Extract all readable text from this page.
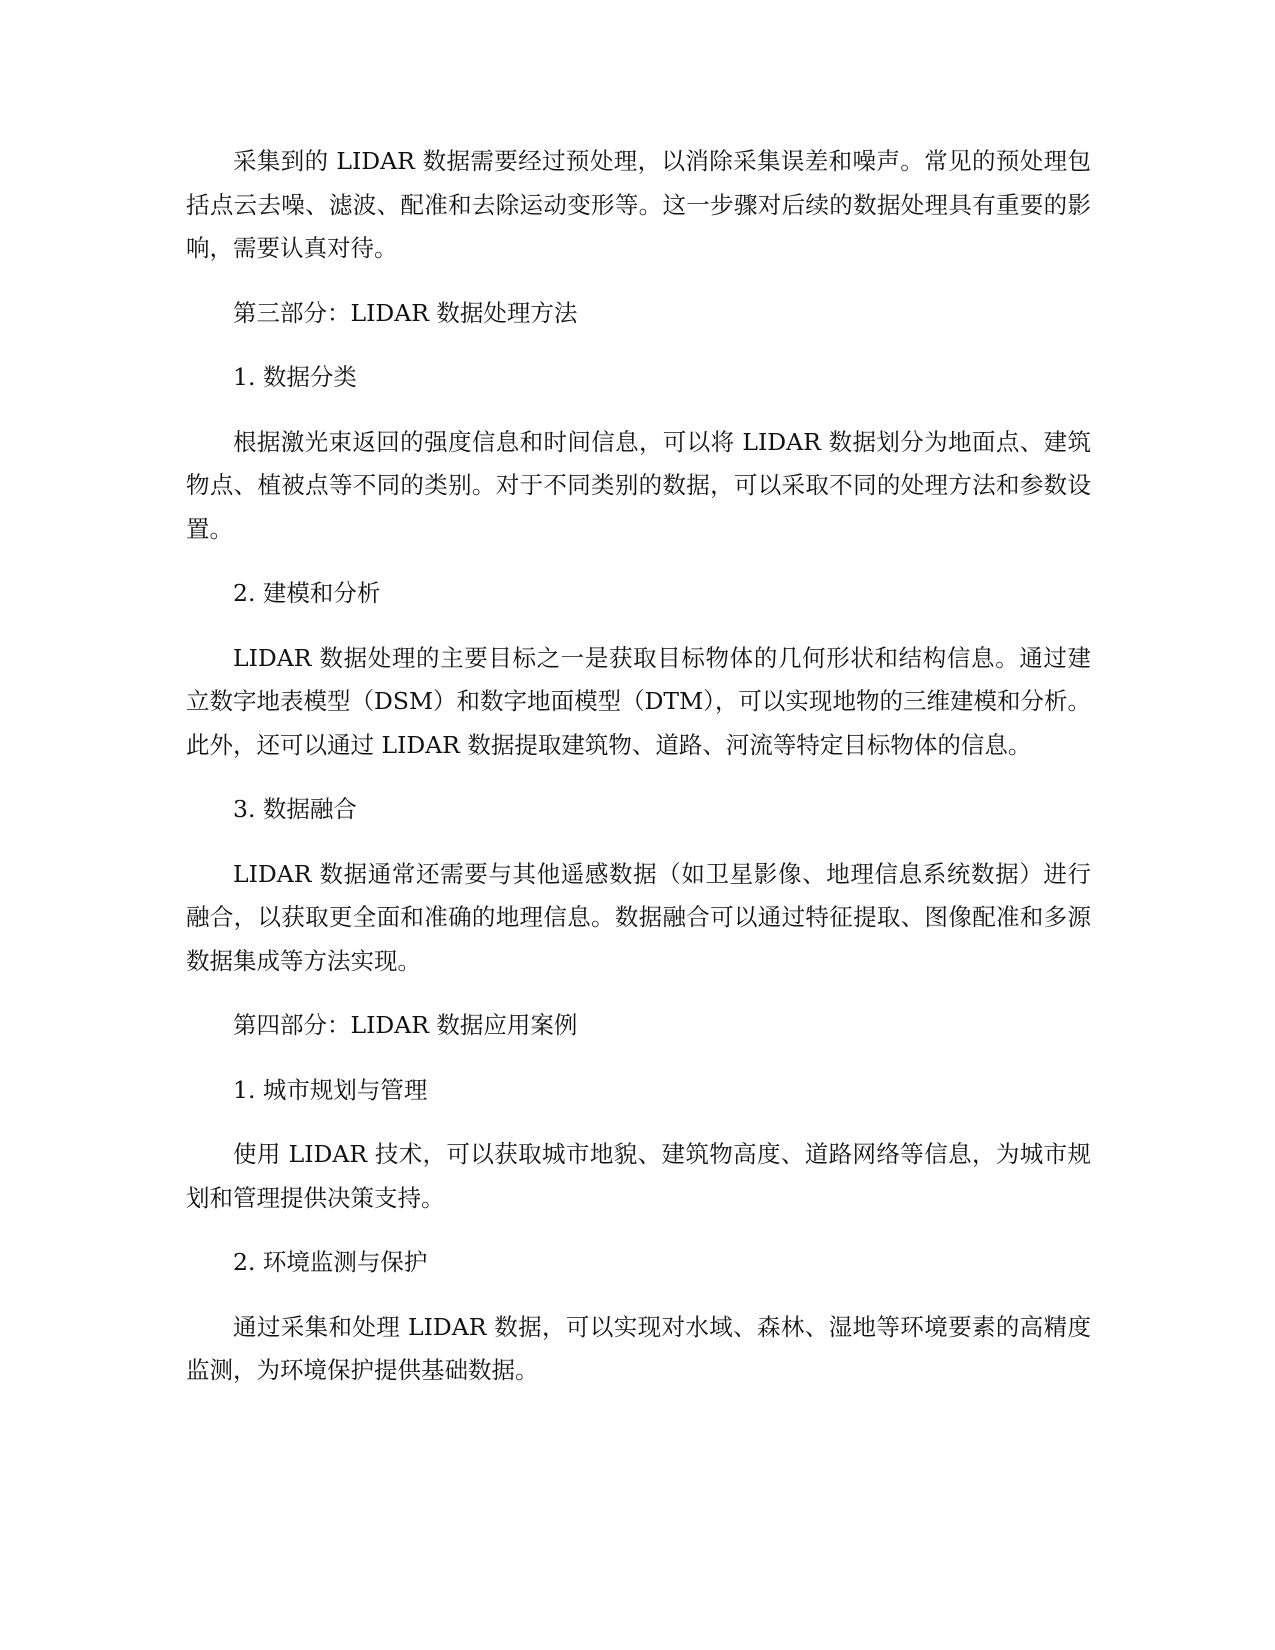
采集到的 LIDAR 数据需要经过预处理，以消除采集误差和噪声。常见的预处理包括点云去噪、滤波、配准和去除运动变形等。这一步骤对后续的数据处理具有重要的影响，需要认真对待。

第三部分：LIDAR 数据处理方法

1. 数据分类

根据激光束返回的强度信息和时间信息，可以将 LIDAR 数据划分为地面点、建筑物点、植被点等不同的类别。对于不同类别的数据，可以采取不同的处理方法和参数设置。

2. 建模和分析

LIDAR 数据处理的主要目标之一是获取目标物体的几何形状和结构信息。通过建立数字地表模型（DSM）和数字地面模型（DTM），可以实现地物的三维建模和分析。此外，还可以通过 LIDAR 数据提取建筑物、道路、河流等特定目标物体的信息。

3. 数据融合

LIDAR 数据通常还需要与其他遥感数据（如卫星影像、地理信息系统数据）进行融合，以获取更全面和准确的地理信息。数据融合可以通过特征提取、图像配准和多源数据集成等方法实现。

第四部分：LIDAR 数据应用案例

1. 城市规划与管理

使用 LIDAR 技术，可以获取城市地貌、建筑物高度、道路网络等信息，为城市规划和管理提供决策支持。

2. 环境监测与保护

通过采集和处理 LIDAR 数据，可以实现对水域、森林、湿地等环境要素的高精度监测，为环境保护提供基础数据。
